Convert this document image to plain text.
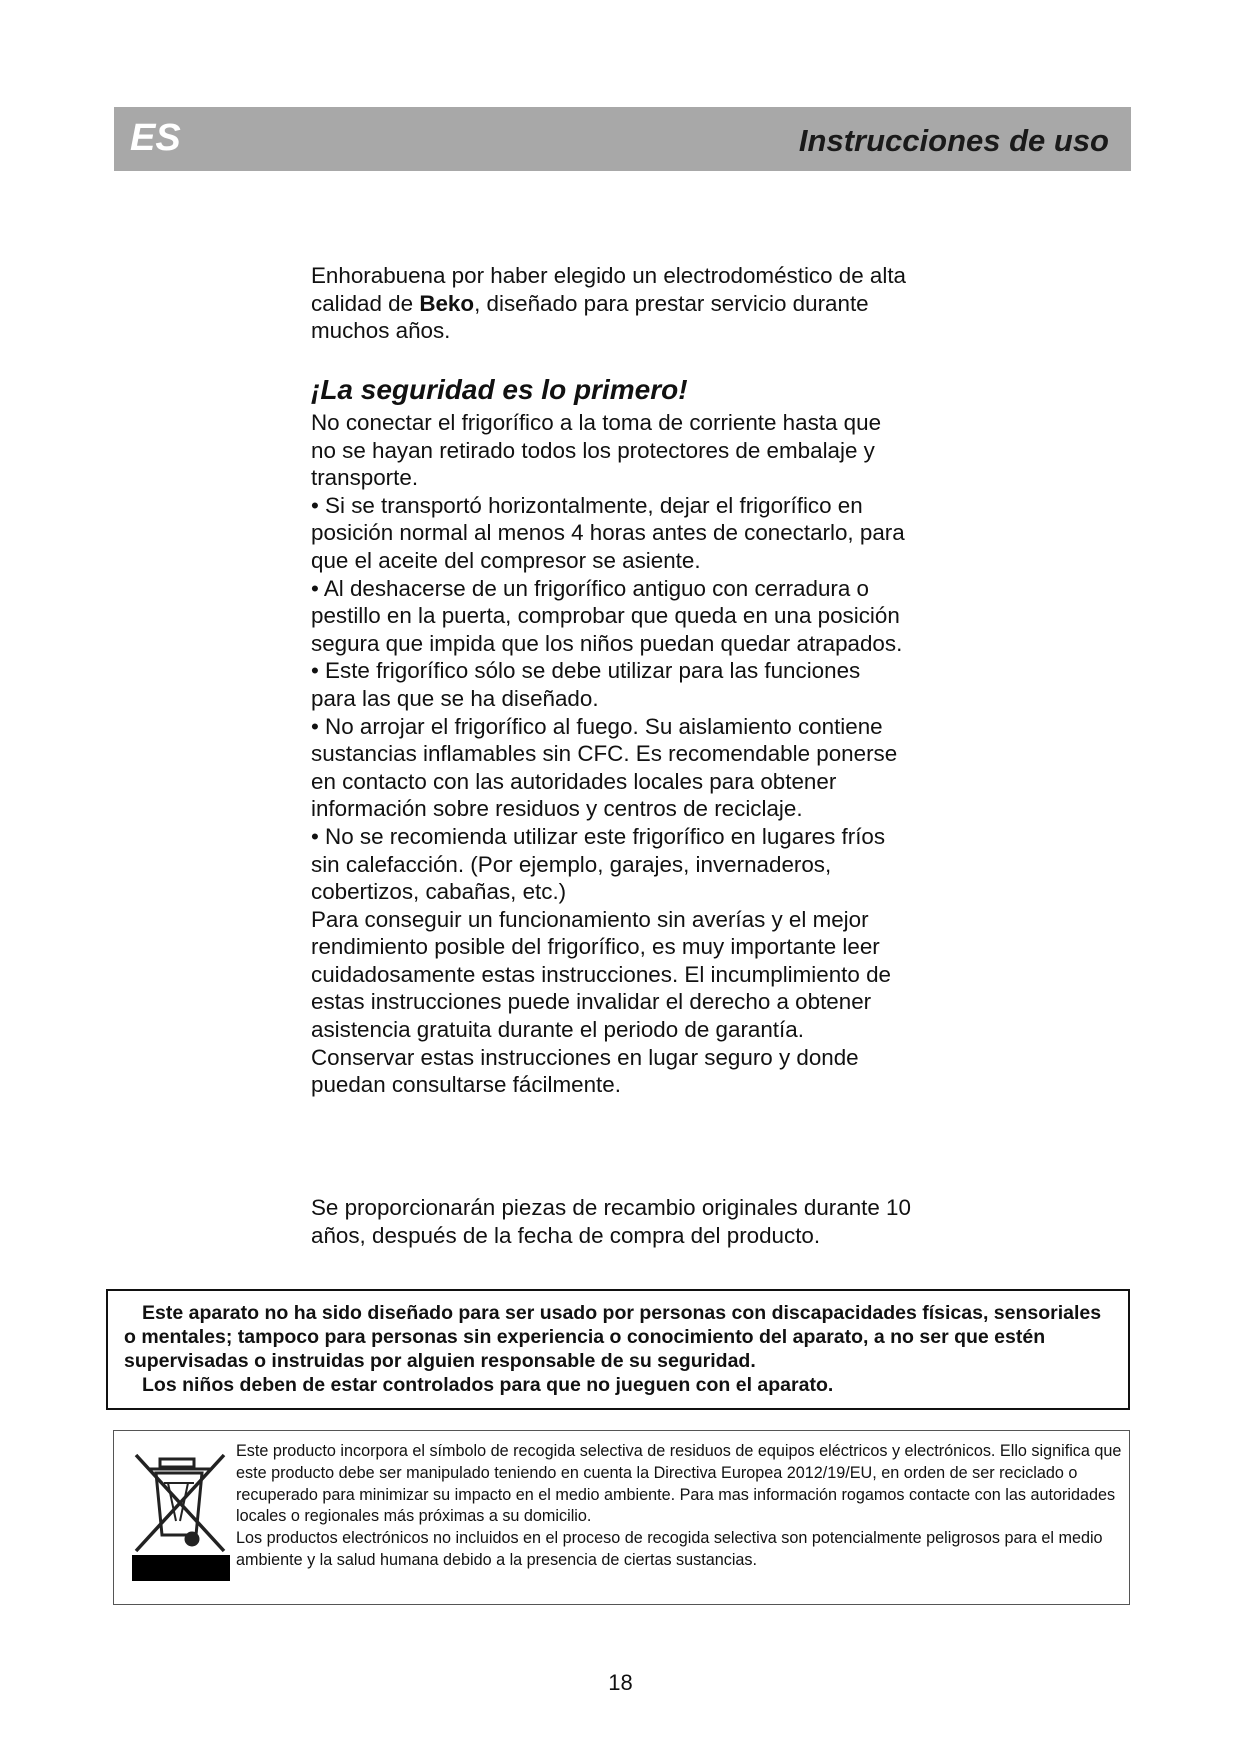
ES	Instrucciones de uso

Enhorabuena por haber elegido un electrodoméstico de alta calidad de Beko, diseñado para prestar servicio durante muchos años.

¡La seguridad es lo primero!

No conectar el frigorífico a la toma de corriente hasta que no se hayan retirado todos los protectores de embalaje y transporte.

• Si se transportó horizontalmente, dejar el frigorífico en posición normal al menos 4 horas antes de conectarlo, para que el aceite del compresor se asiente.

• Al deshacerse de un frigorífico antiguo con cerradura o pestillo en la puerta, comprobar que queda en una posición segura que impida que los niños puedan quedar atrapados.

• Este frigorífico sólo se debe utilizar para las funciones para las que se ha diseñado.

• No arrojar el frigorífico al fuego. Su aislamiento contiene sustancias inflamables sin CFC. Es recomendable ponerse en contacto con las autoridades locales para obtener información sobre residuos y centros de reciclaje.

• No se recomienda utilizar este frigorífico en lugares fríos sin calefacción. (Por ejemplo, garajes, invernaderos, cobertizos, cabañas, etc.)

Para conseguir un funcionamiento sin averías y el mejor rendimiento posible del frigorífico, es muy importante leer cuidadosamente estas instrucciones. El incumplimiento de estas instrucciones puede invalidar el derecho a obtener asistencia gratuita durante el periodo de garantía.

Conservar estas instrucciones en lugar seguro y donde puedan consultarse fácilmente.

Se proporcionarán piezas de recambio originales durante 10 años, después de la fecha de compra del producto.

Este aparato no ha sido diseñado para ser usado por personas con discapacidades físicas, sensoriales o mentales; tampoco para personas sin experiencia o conocimiento del aparato, a no ser que estén supervisadas o instruidas por alguien responsable de su seguridad.

Los niños deben de estar controlados para que no jueguen con el aparato.

Este producto incorpora el símbolo de recogida selectiva de residuos de equipos eléctricos y electrónicos. Ello significa que este producto debe ser manipulado teniendo en cuenta la Directiva Europea 2012/19/EU, en orden de ser reciclado o recuperado para minimizar su impacto en el medio ambiente. Para mas información rogamos contacte con las autoridades locales o regionales más próximas a su domicilio.

Los productos electrónicos no incluidos en el proceso de recogida selectiva son potencialmente peligrosos para el medio ambiente y la salud humana debido a la presencia de ciertas sustancias.

18
